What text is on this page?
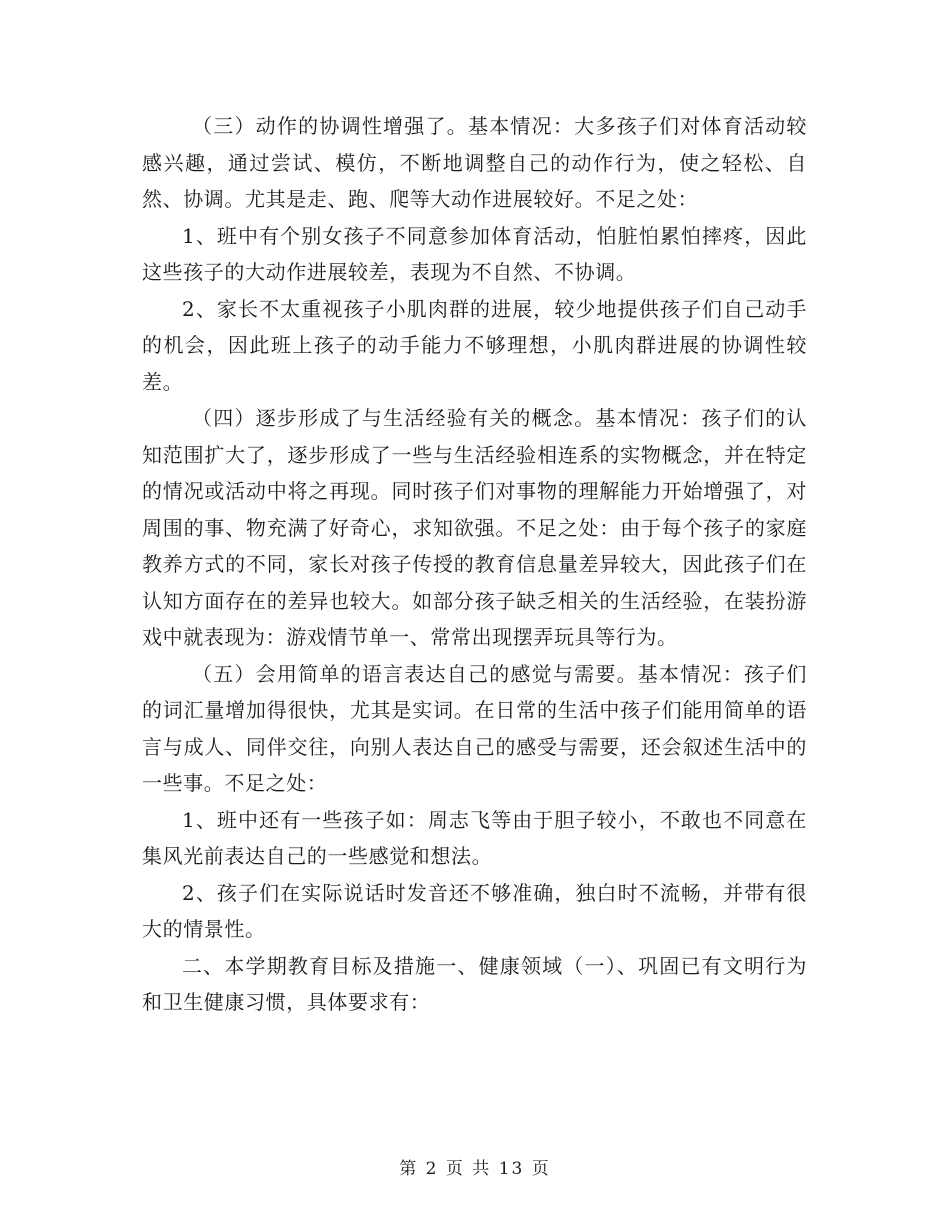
（三）动作的协调性增强了。基本情况：大多孩子们对体育活动较感兴趣，通过尝试、模仿，不断地调整自己的动作行为，使之轻松、自然、协调。尤其是走、跑、爬等大动作进展较好。不足之处：

1、班中有个别女孩子不同意参加体育活动，怕脏怕累怕摔疼，因此这些孩子的大动作进展较差，表现为不自然、不协调。

2、家长不太重视孩子小肌肉群的进展，较少地提供孩子们自己动手的机会，因此班上孩子的动手能力不够理想，小肌肉群进展的协调性较差。

（四）逐步形成了与生活经验有关的概念。基本情况：孩子们的认知范围扩大了，逐步形成了一些与生活经验相连系的实物概念，并在特定的情况或活动中将之再现。同时孩子们对事物的理解能力开始增强了，对周围的事、物充满了好奇心，求知欲强。不足之处：由于每个孩子的家庭教养方式的不同，家长对孩子传授的教育信息量差异较大，因此孩子们在认知方面存在的差异也较大。如部分孩子缺乏相关的生活经验，在装扮游戏中就表现为：游戏情节单一、常常出现摆弄玩具等行为。

（五）会用简单的语言表达自己的感觉与需要。基本情况：孩子们的词汇量增加得很快，尤其是实词。在日常的生活中孩子们能用简单的语言与成人、同伴交往，向别人表达自己的感受与需要，还会叙述生活中的一些事。不足之处：

1、班中还有一些孩子如：周志飞等由于胆子较小，不敢也不同意在集风光前表达自己的一些感觉和想法。

2、孩子们在实际说话时发音还不够准确，独白时不流畅，并带有很大的情景性。

二、本学期教育目标及措施一、健康领域（一）、巩固已有文明行为和卫生健康习惯，具体要求有：

第 2 页 共 13 页
